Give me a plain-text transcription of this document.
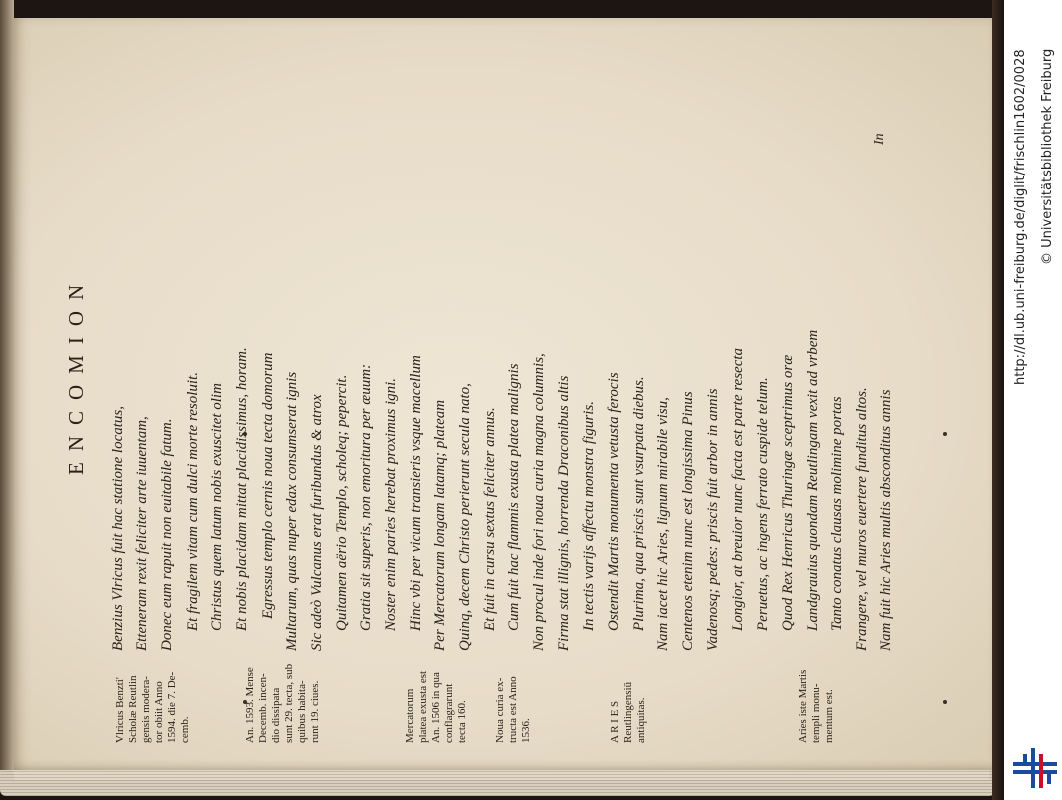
http://dl.ub.uni-freiburg.de/diglit/frischlin1602/0028 © Universitätsbibliothek Freiburg
ENCOMION
In
Benzius Vlricus fuit hac statione locatus, Etteneram rexit feliciter arte iuuentam, Donec eum rapuit non euitabile fatum. Et fragilem vitam cum dulci morte resoluit. Christus quem latum nobis exuscitet olim Et nobis placidam mittat placidissimus, horam. Egressus templo cernis noua tecta domorum Multarum, quas nuper edax consumserat ignis Sic adeò Vulcanus erat furibundus & atrox Quitamen aërio Templo, scholeq; pepercit. Gratia sit superis, non emoritura per æuum: Noster enim paries herebat proximus igni. Hinc vbi per vicum transieris vsque macellum Per Mercatorum longam latamq; plateam Quinq, decem Christo perierunt secula nato, Et fuit in cursu sextus feliciter annus. Cum fuit hac flammis exusta platea malignis Non procul inde fori noua curia magna columnis, Firma stat illignis, horrenda Draconibus altis In tectis varijs affectu monstra figuris. Ostendit Martis monumenta vetusta ferocis Plurima, qua priscis sunt vsurpata diebus. Nam iacet hic Aries, lignum mirabile visu, Centenos etenim nunc est longissima Pinus Vadenosq; pedes: priscis fuit arbor in annis Longior, at breuior nunc facta est parte resecta Peruetus, ac ingens ferrato cuspide telum. Quod Rex Henricus Thuringæ sceptrimus oræ Landgrauius quondam Reutlingam vexit ad vrbem Tanto conatus clausas molimine portas Frangere, vel muros euertere funditus altos. Nam fuit hic Aries multis absconditus annis
Vlricus Benzti' Scholæ Reutlin gensis modera- tor obiit Anno 1594. die 7. De- cemb.	An. 1593. Mense Decemb. incen- dio dissipata sunt 29. tecta, sub quibus habita- runt 19. ciues.	Mercatorum platea exusta est An. 1506 in qua conflagrarunt tecta 160. Noua curia ex- tructa est Anno 1536.	A R I E S Reutlingensiū antiquitas.	Aries iste Martis templi monu- mentum est.
